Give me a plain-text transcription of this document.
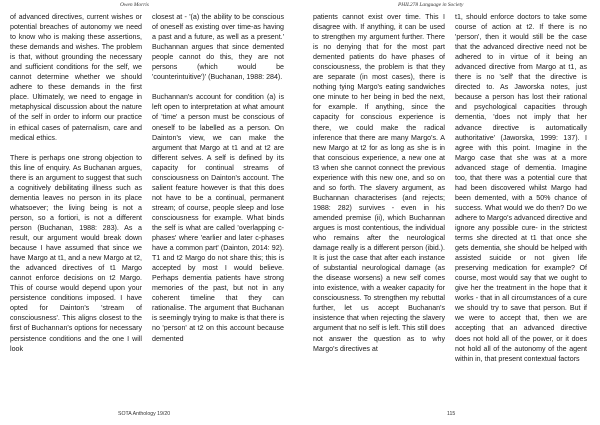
Owen Morris

of advanced directives, current wishes or potential breaches of autonomy we need to know who is making these assertions, these demands and wishes. The problem is that, without grounding the necessary and sufficient conditions for the self, we cannot determine whether we should adhere to these demands in the first place. Ultimately, we need to engage in metaphysical discussion about the nature of the self in order to inform our practice in ethical cases of paternalism, care and medical ethics.

There is perhaps one strong objection to this line of enquiry. As Buchanan argues, there is an argument to suggest that such a cognitively debilitating illness such as dementia leaves no person in its place whatsoever; the living being is not a person, so a fortiori, is not a different person (Buchanan, 1988: 283). As a result, our argument would break down because I have assumed that since we have Margo at t1, and a new Margo at t2, the advanced directives of t1 Margo cannot enforce decisions on t2 Margo. This of course would depend upon your persistence conditions imposed. I have opted for Dainton's 'stream of consciousness'. This aligns closest to the first of Buchannan's options for necessary persistence conditions and the one I will look

closest at - '(a) the ability to be conscious of oneself as existing over time-as having a past and a future, as well as a present.' Buchannan argues that since demented people cannot do this, they are not persons (which would be 'counterintuitive')' (Buchanan, 1988: 284).

Buchannan's account for condition (a) is left open to interpretation at what amount of 'time' a person must be conscious of oneself to be labelled as a person. On Dainton's view, we can make the argument that Margo at t1 and at t2 are different selves. A self is defined by its capacity for continual streams of consciousness on Dainton's account. The salient feature however is that this does not have to be a continual, permanent stream; of course, people sleep and lose consciousness for example. What binds the self is what are called 'overlapping c-phases' where 'earlier and later c-phases have a common part' (Dainton, 2014: 92). T1 and t2 Margo do not share this; this is accepted by most I would believe. Perhaps dementia patients have strong memories of the past, but not in any coherent timeline that they can rationalise. The argument that Buchanan is seemingly trying to make is that there is no 'person' at t2 on this account because demented

SOTA Anthology 19/20
PHIL278 Language in Society

patients cannot exist over time. This I disagree with. If anything, it can be used to strengthen my argument further. There is no denying that for the most part demented patients do have phases of consciousness, the problem is that they are separate (in most cases), there is nothing tying Margo's eating sandwiches one minute to her being in bed the next, for example. If anything, since the capacity for conscious experience is there, we could make the radical inference that there are many Margo's. A new Margo at t2 for as long as she is in that conscious experience, a new one at t3 when she cannot connect the previous experience with this new one, and so on and so forth. The slavery argument, as Buchannan characterises (and rejects; 1988: 282) survives - even in his amended premise (ii), which Buchannan argues is most contentious, the individual who remains after the neurological damage really is a different person (ibid.). It is just the case that after each instance of substantial neurological damage (as the disease worsens) a new self comes into existence, with a weaker capacity for consciousness. To strengthen my rebuttal further, let us accept Buchanan's insistence that when rejecting the slavery argument that no self is left. This still does not answer the question as to why Margo's directives at

t1, should enforce doctors to take some course of action at t2. If there is no 'person', then it would still be the case that the advanced directive need not be adhered to in virtue of it being an advanced directive from Margo at t1, as there is no 'self' that the directive is directed to. As Jaworska notes, just because a person has lost their rational and psychological capacities through dementia, 'does not imply that her advance directive is automatically authoritative' (Jaworska, 1999: 137). I agree with this point. Imagine in the Margo case that she was at a more advanced stage of dementia. Imagine too, that there was a potential cure that had been discovered whilst Margo had been demented, with a 50% chance of success. What would we do then? Do we adhere to Margo's advanced directive and ignore any possible cure- in the strictest terms she directed at t1 that once she gets dementia, she should be helped with assisted suicide or not given life preserving medication for example? Of course, most would say that we ought to give her the treatment in the hope that it works - that in all circumstances of a cure we should try to save that person. But if we were to accept that, then we are accepting that an advanced directive does not hold all of the power, or it does not hold all of the autonomy of the agent within in, that present contextual factors

115
